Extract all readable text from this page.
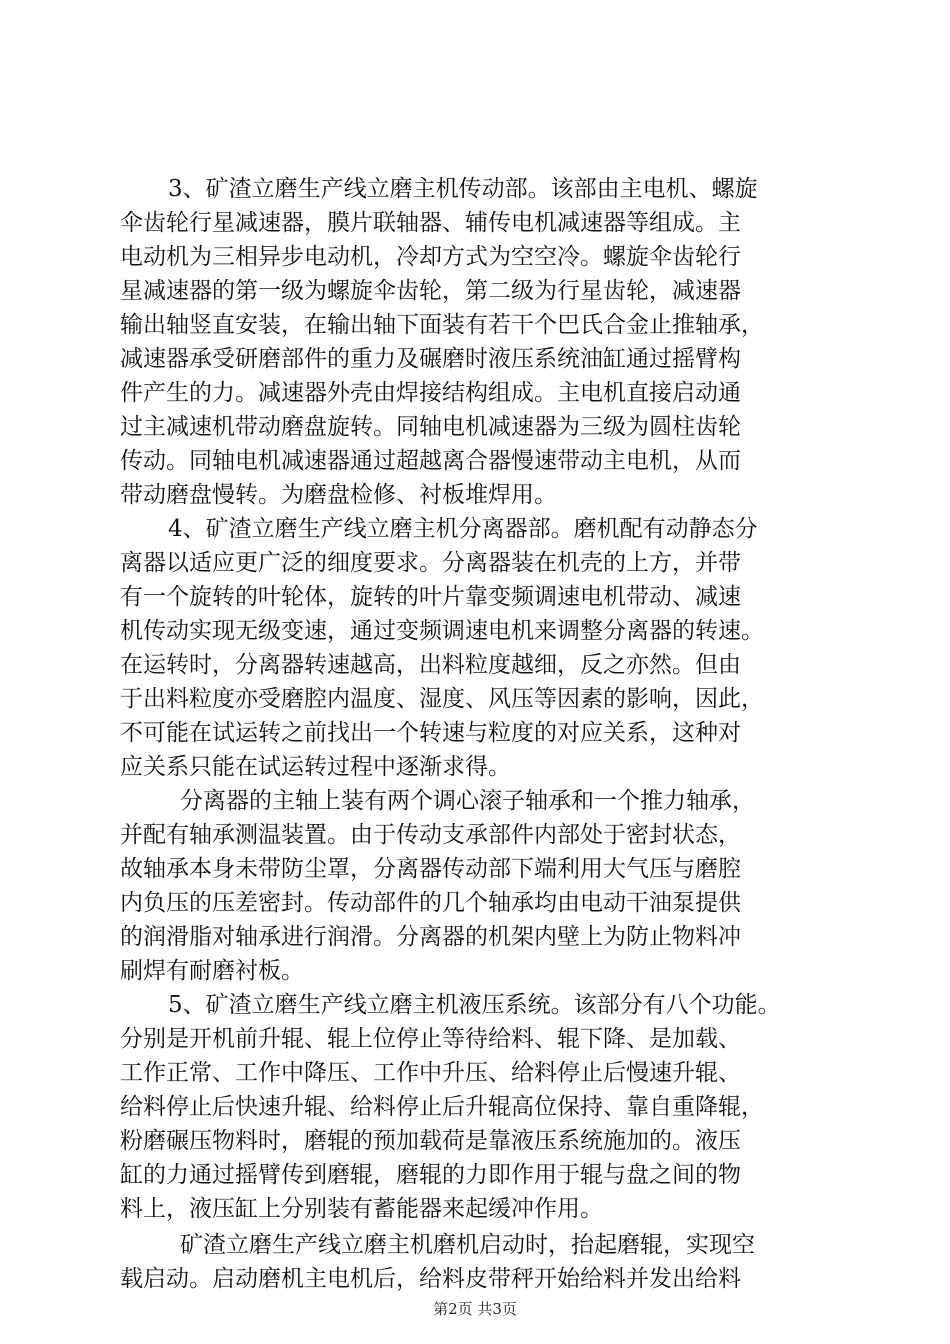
3、矿渣立磨生产线立磨主机传动部。该部由主电机、螺旋
伞齿轮行星减速器，膜片联轴器、辅传电机减速器等组成。主
电动机为三相异步电动机，冷却方式为空空冷。螺旋伞齿轮行
星减速器的第一级为螺旋伞齿轮，第二级为行星齿轮，减速器
输出轴竖直安装，在输出轴下面装有若干个巴氏合金止推轴承，
减速器承受研磨部件的重力及碾磨时液压系统油缸通过摇臂构
件产生的力。减速器外壳由焊接结构组成。主电机直接启动通
过主减速机带动磨盘旋转。同轴电机减速器为三级为圆柱齿轮
传动。同轴电机减速器通过超越离合器慢速带动主电机，从而
带动磨盘慢转。为磨盘检修、衬板堆焊用。
4、矿渣立磨生产线立磨主机分离器部。磨机配有动静态分
离器以适应更广泛的细度要求。分离器装在机壳的上方，并带
有一个旋转的叶轮体，旋转的叶片靠变频调速电机带动、减速
机传动实现无级变速，通过变频调速电机来调整分离器的转速。
在运转时，分离器转速越高，出料粒度越细，反之亦然。但由
于出料粒度亦受磨腔内温度、湿度、风压等因素的影响，因此，
不可能在试运转之前找出一个转速与粒度的对应关系，这种对
应关系只能在试运转过程中逐渐求得。
分离器的主轴上装有两个调心滚子轴承和一个推力轴承，
并配有轴承测温装置。由于传动支承部件内部处于密封状态，
故轴承本身未带防尘罩，分离器传动部下端利用大气压与磨腔
内负压的压差密封。传动部件的几个轴承均由电动干油泵提供
的润滑脂对轴承进行润滑。分离器的机架内壁上为防止物料冲
刷焊有耐磨衬板。
5、矿渣立磨生产线立磨主机液压系统。该部分有八个功能。
分别是开机前升辊、辊上位停止等待给料、辊下降、是加载、
工作正常、工作中降压、工作中升压、给料停止后慢速升辊、
给料停止后快速升辊、给料停止后升辊高位保持、靠自重降辊，
粉磨碾压物料时，磨辊的预加载荷是靠液压系统施加的。液压
缸的力通过摇臂传到磨辊，磨辊的力即作用于辊与盘之间的物
料上，液压缸上分别装有蓄能器来起缓冲作用。
矿渣立磨生产线立磨主机磨机启动时，抬起磨辊，实现空
载启动。启动磨机主电机后，给料皮带秤开始给料并发出给料
第2页 共3页
